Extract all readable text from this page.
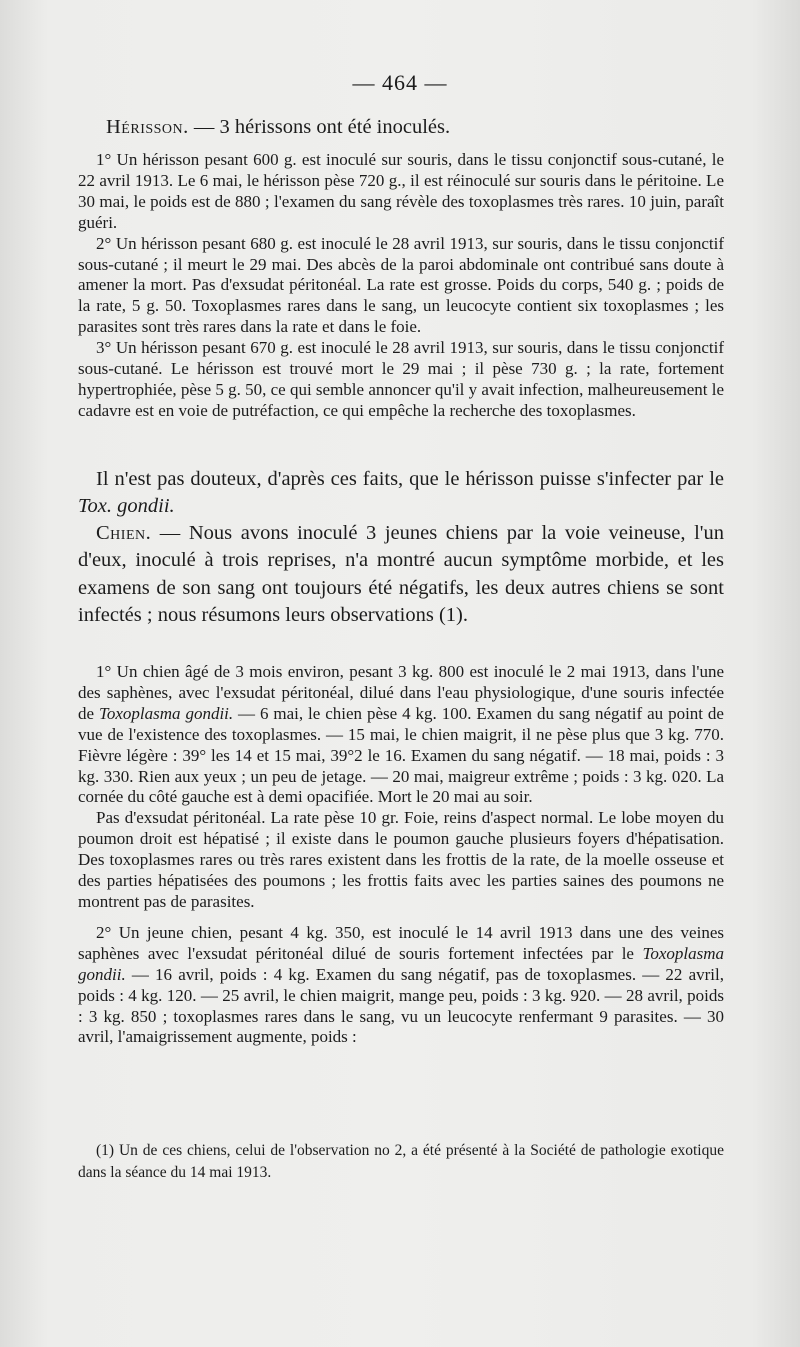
— 464 —

Hérisson. — 3 hérissons ont été inoculés.

1° Un hérisson pesant 600 g. est inoculé sur souris, dans le tissu conjonctif sous-cutané, le 22 avril 1913. Le 6 mai, le hérisson pèse 720 g., il est réinoculé sur souris dans le péritoine. Le 30 mai, le poids est de 880 ; l'examen du sang révèle des toxoplasmes très rares. 10 juin, paraît guéri.

2° Un hérisson pesant 680 g. est inoculé le 28 avril 1913, sur souris, dans le tissu conjonctif sous-cutané ; il meurt le 29 mai. Des abcès de la paroi abdominale ont contribué sans doute à amener la mort. Pas d'exsudat péritonéal. La rate est grosse. Poids du corps, 540 g. ; poids de la rate, 5 g. 50. Toxoplasmes rares dans le sang, un leucocyte contient six toxoplasmes ; les parasites sont très rares dans la rate et dans le foie.

3° Un hérisson pesant 670 g. est inoculé le 28 avril 1913, sur souris, dans le tissu conjonctif sous-cutané. Le hérisson est trouvé mort le 29 mai ; il pèse 730 g. ; la rate, fortement hypertrophiée, pèse 5 g. 50, ce qui semble annoncer qu'il y avait infection, malheureusement le cadavre est en voie de putréfaction, ce qui empêche la recherche des toxoplasmes.

Il n'est pas douteux, d'après ces faits, que le hérisson puisse s'infecter par le Tox. gondii.

Chien. — Nous avons inoculé 3 jeunes chiens par la voie veineuse, l'un d'eux, inoculé à trois reprises, n'a montré aucun symptôme morbide, et les examens de son sang ont toujours été négatifs, les deux autres chiens se sont infectés ; nous résumons leurs observations (1).

1° Un chien âgé de 3 mois environ, pesant 3 kg. 800 est inoculé le 2 mai 1913, dans l'une des saphènes, avec l'exsudat péritonéal, dilué dans l'eau physiologique, d'une souris infectée de Toxoplasma gondii. — 6 mai, le chien pèse 4 kg. 100. Examen du sang négatif au point de vue de l'existence des toxoplasmes. — 15 mai, le chien maigrit, il ne pèse plus que 3 kg. 770. Fièvre légère : 39° les 14 et 15 mai, 39°2 le 16. Examen du sang négatif. — 18 mai, poids : 3 kg. 330. Rien aux yeux ; un peu de jetage. — 20 mai, maigreur extrême ; poids : 3 kg. 020. La cornée du côté gauche est à demi opacifiée. Mort le 20 mai au soir.

Pas d'exsudat péritonéal. La rate pèse 10 gr. Foie, reins d'aspect normal. Le lobe moyen du poumon droit est hépatisé ; il existe dans le poumon gauche plusieurs foyers d'hépatisation. Des toxoplasmes rares ou très rares existent dans les frottis de la rate, de la moelle osseuse et des parties hépatisées des poumons ; les frottis faits avec les parties saines des poumons ne montrent pas de parasites.

2° Un jeune chien, pesant 4 kg. 350, est inoculé le 14 avril 1913 dans une des veines saphènes avec l'exsudat péritonéal dilué de souris fortement infectées par le Toxoplasma gondii. — 16 avril, poids : 4 kg. Examen du sang négatif, pas de toxoplasmes. — 22 avril, poids : 4 kg. 120. — 25 avril, le chien maigrit, mange peu, poids : 3 kg. 920. — 28 avril, poids : 3 kg. 850 ; toxoplasmes rares dans le sang, vu un leucocyte renfermant 9 parasites. — 30 avril, l'amaigrissement augmente, poids :

(1) Un de ces chiens, celui de l'observation no 2, a été présenté à la Société de pathologie exotique dans la séance du 14 mai 1913.
